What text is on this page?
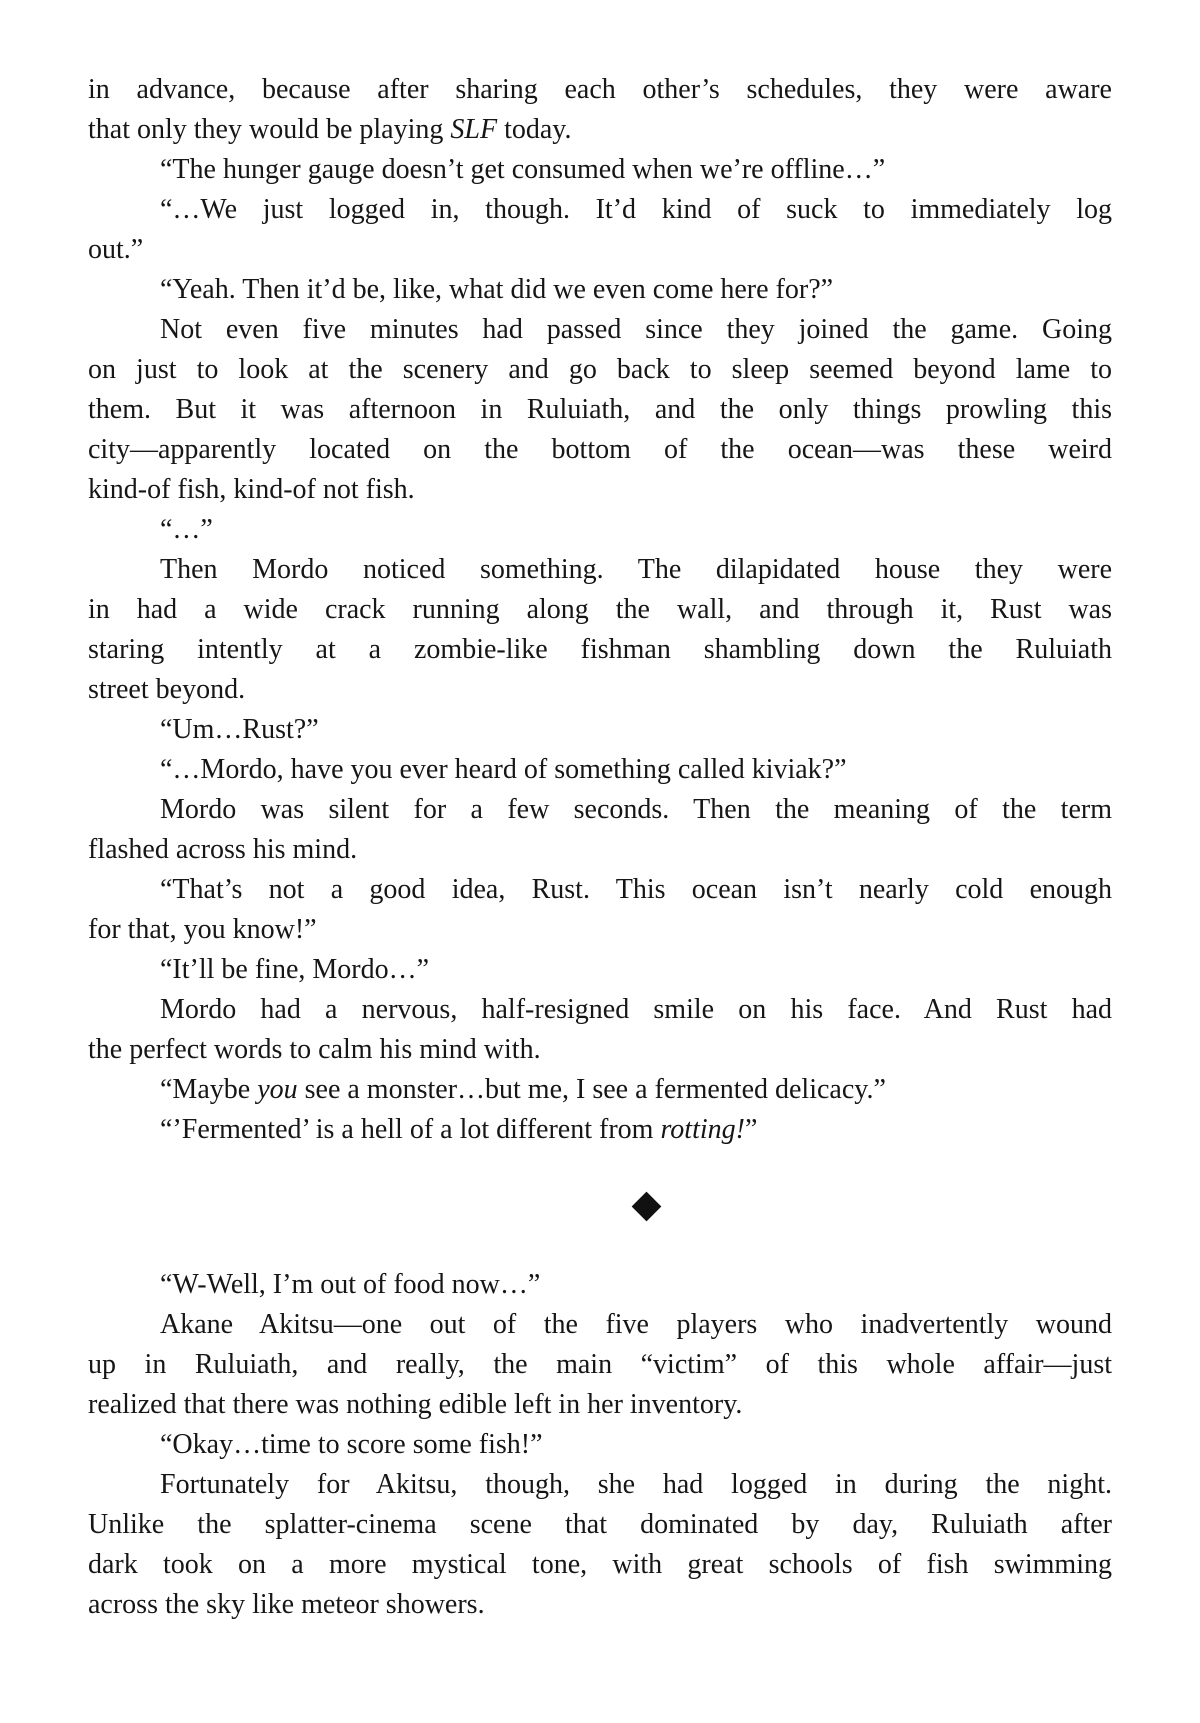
in advance, because after sharing each other’s schedules, they were aware
that only they would be playing SLF today.
“The hunger gauge doesn’t get consumed when we’re offline…”
“…We just logged in, though. It’d kind of suck to immediately log
out.”
“Yeah. Then it’d be, like, what did we even come here for?”
Not even five minutes had passed since they joined the game. Going
on just to look at the scenery and go back to sleep seemed beyond lame to
them. But it was afternoon in Ruluiath, and the only things prowling this
city—apparently located on the bottom of the ocean—was these weird
kind-of fish, kind-of not fish.
“…”
Then Mordo noticed something. The dilapidated house they were
in had a wide crack running along the wall, and through it, Rust was
staring intently at a zombie-like fishman shambling down the Ruluiath
street beyond.
“Um…Rust?”
“…Mordo, have you ever heard of something called kiviak?”
Mordo was silent for a few seconds. Then the meaning of the term
flashed across his mind.
“That’s not a good idea, Rust. This ocean isn’t nearly cold enough
for that, you know!”
“It’ll be fine, Mordo…”
Mordo had a nervous, half-resigned smile on his face. And Rust had
the perfect words to calm his mind with.
“Maybe you see a monster…but me, I see a fermented delicacy.”
“’Fermented’ is a hell of a lot different from rotting!”
“W-Well, I’m out of food now…”
Akane Akitsu—one out of the five players who inadvertently wound
up in Ruluiath, and really, the main “victim” of this whole affair—just
realized that there was nothing edible left in her inventory.
“Okay…time to score some fish!”
Fortunately for Akitsu, though, she had logged in during the night.
Unlike the splatter-cinema scene that dominated by day, Ruluiath after
dark took on a more mystical tone, with great schools of fish swimming
across the sky like meteor showers.
